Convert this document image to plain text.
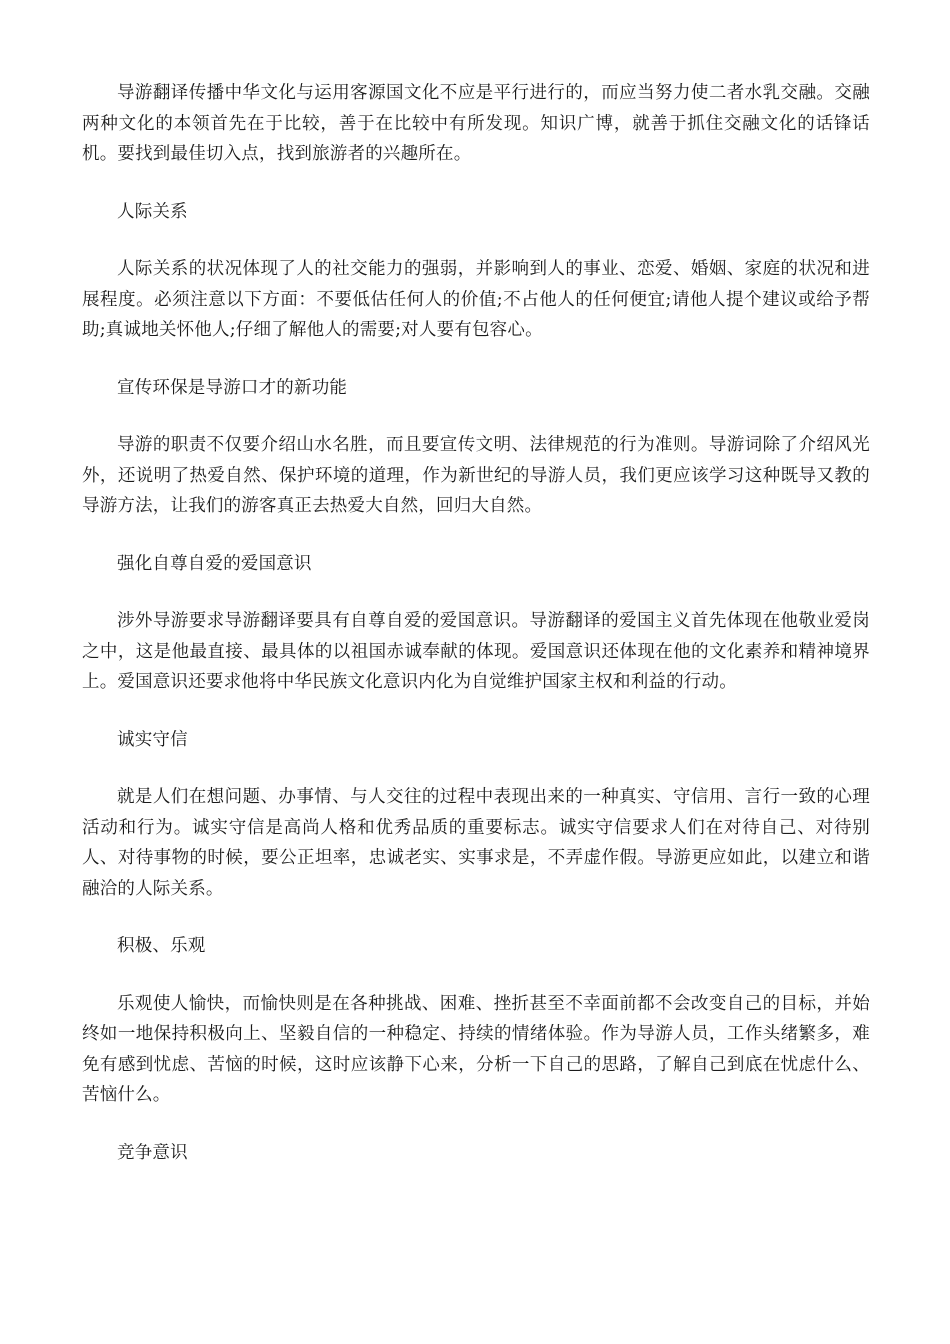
导游翻译传播中华文化与运用客源国文化不应是平行进行的，而应当努力使二者水乳交融。交融两种文化的本领首先在于比较，善于在比较中有所发现。知识广博，就善于抓住交融文化的话锋话机。要找到最佳切入点，找到旅游者的兴趣所在。

人际关系

人际关系的状况体现了人的社交能力的强弱，并影响到人的事业、恋爱、婚姻、家庭的状况和进展程度。必须注意以下方面：不要低估任何人的价值;不占他人的任何便宜;请他人提个建议或给予帮助;真诚地关怀他人;仔细了解他人的需要;对人要有包容心。

宣传环保是导游口才的新功能

导游的职责不仅要介绍山水名胜，而且要宣传文明、法律规范的行为准则。导游词除了介绍风光外，还说明了热爱自然、保护环境的道理，作为新世纪的导游人员，我们更应该学习这种既导又教的导游方法，让我们的游客真正去热爱大自然，回归大自然。

强化自尊自爱的爱国意识

涉外导游要求导游翻译要具有自尊自爱的爱国意识。导游翻译的爱国主义首先体现在他敬业爱岗之中，这是他最直接、最具体的以祖国赤诚奉献的体现。爱国意识还体现在他的文化素养和精神境界上。爱国意识还要求他将中华民族文化意识内化为自觉维护国家主权和利益的行动。

诚实守信

就是人们在想问题、办事情、与人交往的过程中表现出来的一种真实、守信用、言行一致的心理活动和行为。诚实守信是高尚人格和优秀品质的重要标志。诚实守信要求人们在对待自己、对待别人、对待事物的时候，要公正坦率，忠诚老实、实事求是，不弄虚作假。导游更应如此，以建立和谐融洽的人际关系。

积极、乐观

乐观使人愉快，而愉快则是在各种挑战、困难、挫折甚至不幸面前都不会改变自己的目标，并始终如一地保持积极向上、坚毅自信的一种稳定、持续的情绪体验。作为导游人员，工作头绪繁多，难免有感到忧虑、苦恼的时候，这时应该静下心来，分析一下自己的思路，了解自己到底在忧虑什么、苦恼什么。

竞争意识
